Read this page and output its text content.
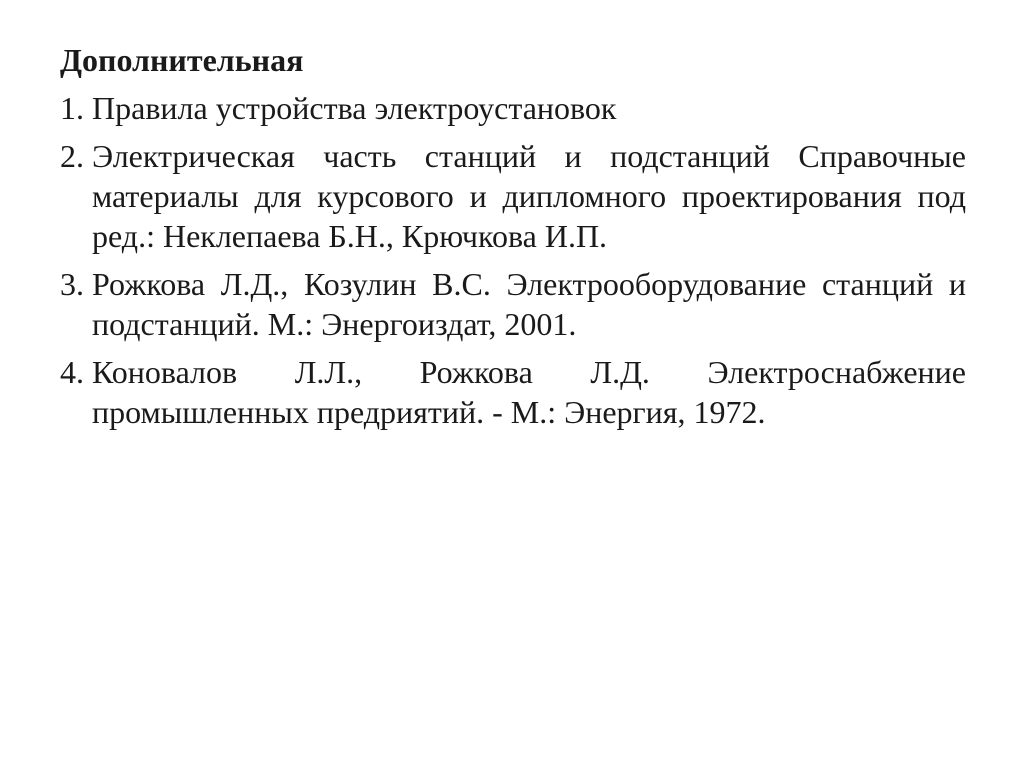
Дополнительная
1. Правила устройства электроустановок
2. Электрическая часть станций и подстанций Справочные материалы для курсового и дипломного проектирования под ред.: Неклепаева Б.Н., Крючкова И.П.
3. Рожкова Л.Д., Козулин В.С. Электрооборудование станций и подстанций. М.: Энергоиздат, 2001.
4. Коновалов Л.Л., Рожкова Л.Д. Электроснабжение промышленных предриятий. - М.: Энергия, 1972.
